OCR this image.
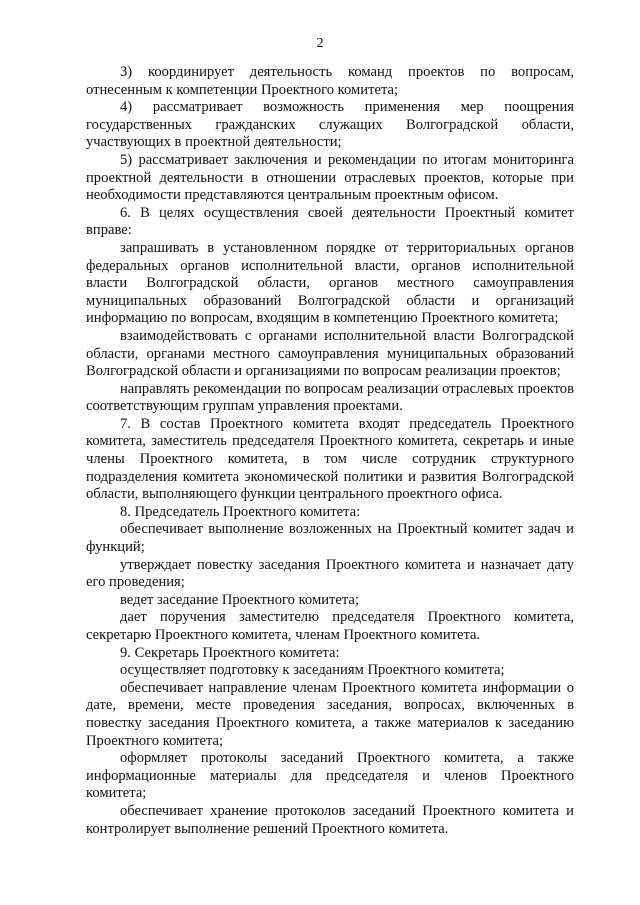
2

3) координирует деятельность команд проектов по вопросам, отнесенным к компетенции Проектного комитета;

4) рассматривает возможность применения мер поощрения государственных гражданских служащих Волгоградской области, участвующих в проектной деятельности;

5) рассматривает заключения и рекомендации по итогам мониторинга проектной деятельности в отношении отраслевых проектов, которые при необходимости представляются центральным проектным офисом.

6. В целях осуществления своей деятельности Проектный комитет вправе:

запрашивать в установленном порядке от территориальных органов федеральных органов исполнительной власти, органов исполнительной власти Волгоградской области, органов местного самоуправления муниципальных образований Волгоградской области и организаций информацию по вопросам, входящим в компетенцию Проектного комитета;

взаимодействовать с органами исполнительной власти Волгоградской области, органами местного самоуправления муниципальных образований Волгоградской области и организациями по вопросам реализации проектов;

направлять рекомендации по вопросам реализации отраслевых проектов соответствующим группам управления проектами.

7. В состав Проектного комитета входят председатель Проектного комитета, заместитель председателя Проектного комитета, секретарь и иные члены Проектного комитета, в том числе сотрудник структурного подразделения комитета экономической политики и развития Волгоградской области, выполняющего функции центрального проектного офиса.

8. Председатель Проектного комитета:

обеспечивает выполнение возложенных на Проектный комитет задач и функций;

утверждает повестку заседания Проектного комитета и назначает дату его проведения;

ведет заседание Проектного комитета;

дает поручения заместителю председателя Проектного комитета, секретарю Проектного комитета, членам Проектного комитета.

9. Секретарь Проектного комитета:

осуществляет подготовку к заседаниям Проектного комитета;

обеспечивает направление членам Проектного комитета информации о дате, времени, месте проведения заседания, вопросах, включенных в повестку заседания Проектного комитета, а также материалов к заседанию Проектного комитета;

оформляет протоколы заседаний Проектного комитета, а также информационные материалы для председателя и членов Проектного комитета;

обеспечивает хранение протоколов заседаний Проектного комитета и контролирует выполнение решений Проектного комитета.
